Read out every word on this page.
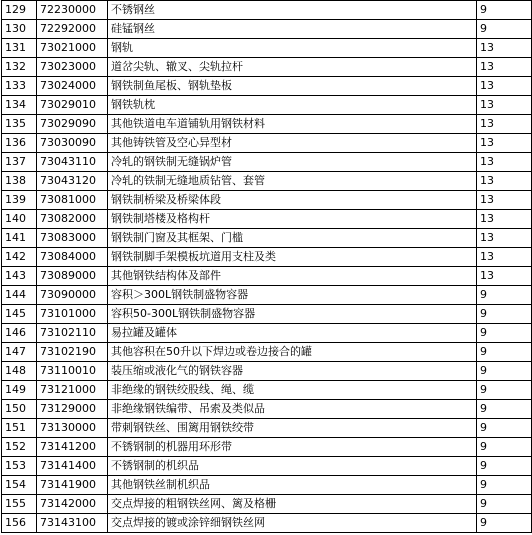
129	72230000	不锈钢丝	9
130	72292000	硅锰钢丝	9
131	73021000	钢轨	13
132	73023000	道岔尖轨、辙叉、尖轨拉杆	13
133	73024000	钢铁制鱼尾板、钢轨垫板	13
134	73029010	钢铁轨枕	13
135	73029090	其他铁道电车道铺轨用钢铁材料	13
136	73030090	其他铸铁管及空心异型材	13
137	73043110	冷轧的钢铁制无缝锅炉管	13
138	73043120	冷轧的铁制无缝地质钻管、套管	13
139	73081000	钢铁制桥梁及桥梁体段	13
140	73082000	钢铁制塔楼及格构杆	13
141	73083000	钢铁制门窗及其框架、门槛	13
142	73084000	钢铁制脚手架模板坑道用支柱及类	13
143	73089000	其他钢铁结构体及部件	13
144	73090000	容积＞300L钢铁制盛物容器	9
145	73101000	容积50-300L钢铁制盛物容器	9
146	73102110	易拉罐及罐体	9
147	73102190	其他容积在50升以下焊边或卷边接合的罐	9
148	73110010	装压缩或液化气的钢铁容器	9
149	73121000	非绝缘的钢铁绞股线、绳、缆	9
150	73129000	非绝缘钢铁编带、吊索及类似品	9
151	73130000	带刺钢铁丝、围篱用钢铁绞带	9
152	73141200	不锈钢制的机器用环形带	9
153	73141400	不锈钢制的机织品	9
154	73141900	其他钢铁丝制机织品	9
155	73142000	交点焊接的粗钢铁丝网、篱及格栅	9
156	73143100	交点焊接的镀或涂锌细钢铁丝网	9
